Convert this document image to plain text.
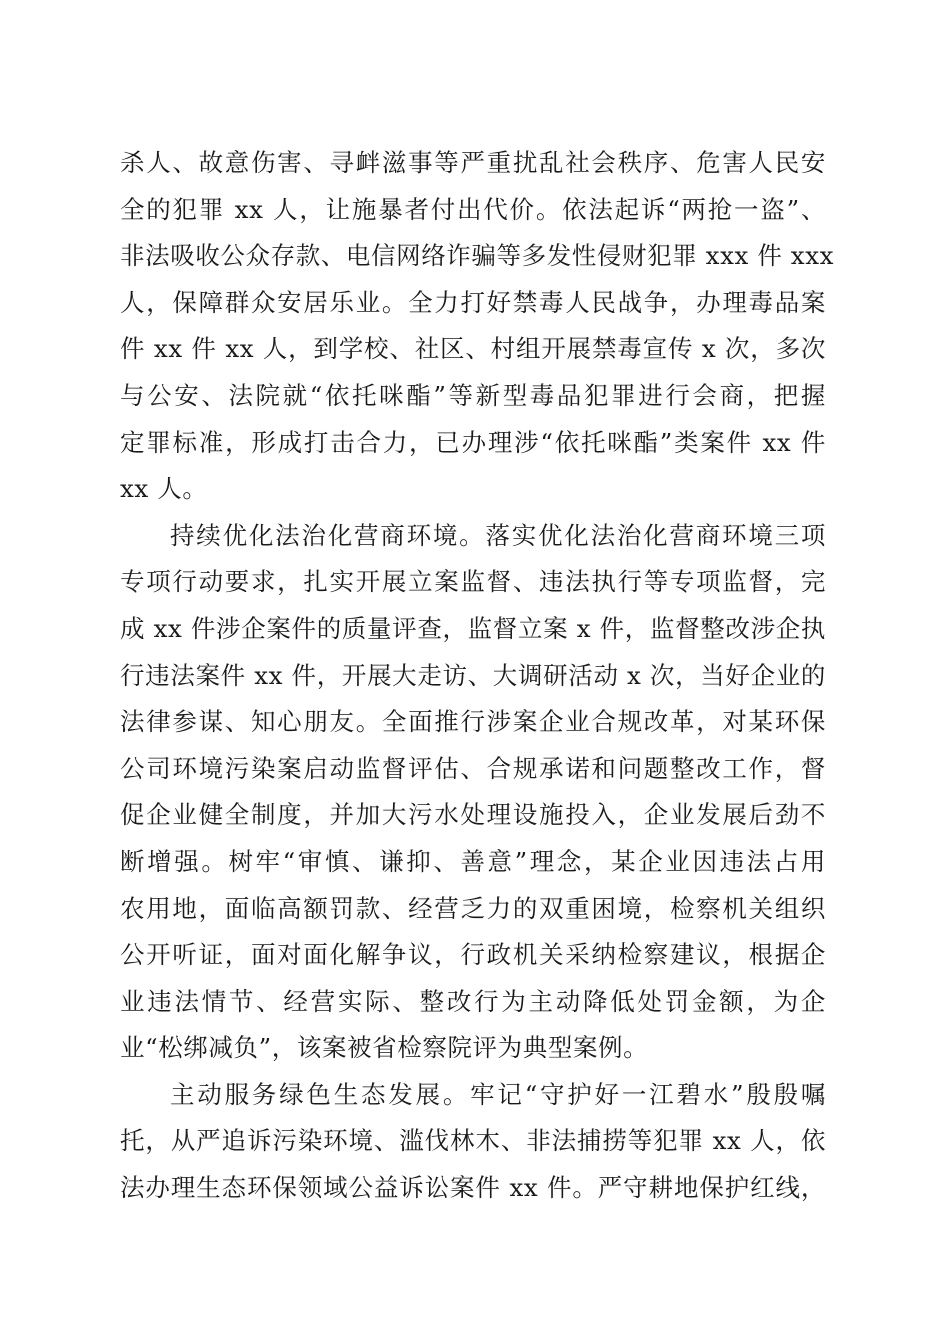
杀人、故意伤害、寻衅滋事等严重扰乱社会秩序、危害人民安
全的犯罪 xx 人，让施暴者付出代价。依法起诉“两抢一盗”、
非法吸收公众存款、电信网络诈骗等多发性侵财犯罪 xxx 件 xxx
人，保障群众安居乐业。全力打好禁毒人民战争，办理毒品案
件 xx 件 xx 人，到学校、社区、村组开展禁毒宣传 x 次，多次
与公安、法院就“依托咪酯”等新型毒品犯罪进行会商，把握
定罪标准，形成打击合力，已办理涉“依托咪酯”类案件 xx 件
xx 人。

持续优化法治化营商环境。落实优化法治化营商环境三项
专项行动要求，扎实开展立案监督、违法执行等专项监督，完
成 xx 件涉企案件的质量评查，监督立案 x 件，监督整改涉企执
行违法案件 xx 件，开展大走访、大调研活动 x 次，当好企业的
法律参谋、知心朋友。全面推行涉案企业合规改革，对某环保
公司环境污染案启动监督评估、合规承诺和问题整改工作，督
促企业健全制度，并加大污水处理设施投入，企业发展后劲不
断增强。树牢“审慎、谦抑、善意”理念，某企业因违法占用
农用地，面临高额罚款、经营乏力的双重困境，检察机关组织
公开听证，面对面化解争议，行政机关采纳检察建议，根据企
业违法情节、经营实际、整改行为主动降低处罚金额，为企
业“松绑减负”，该案被省检察院评为典型案例。

主动服务绿色生态发展。牢记“守护好一江碧水”殷殷嘱
托，从严追诉污染环境、滥伐林木、非法捕捞等犯罪 xx 人，依
法办理生态环保领域公益诉讼案件 xx 件。严守耕地保护红线，
